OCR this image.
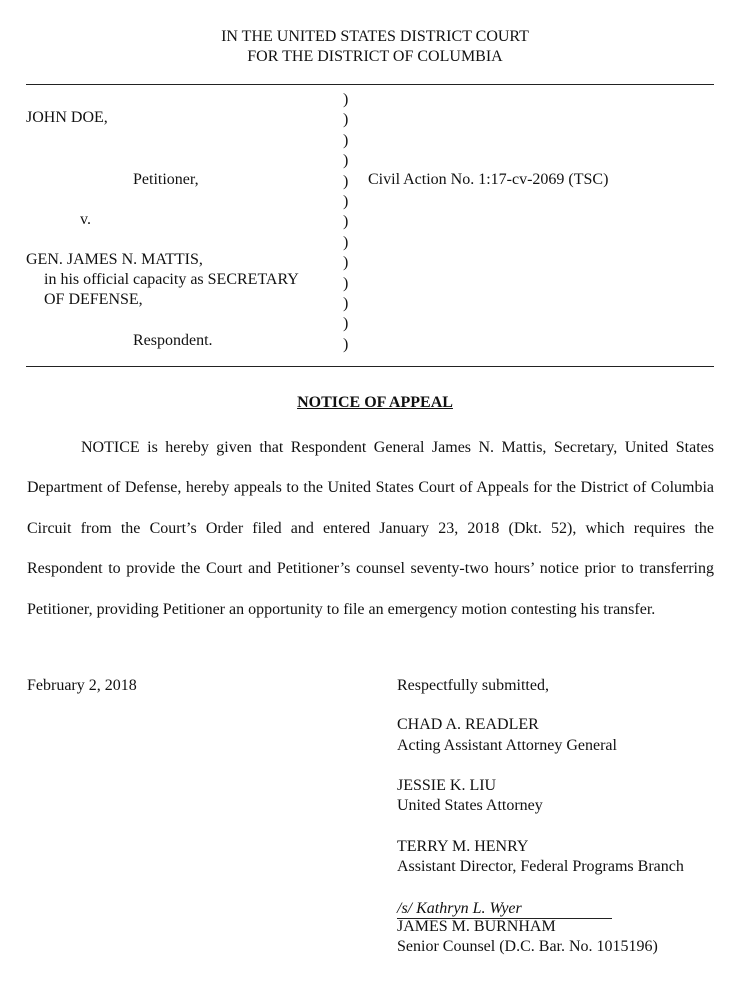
IN THE UNITED STATES DISTRICT COURT
FOR THE DISTRICT OF COLUMBIA
JOHN DOE,
Petitioner,
v.
GEN. JAMES N. MATTIS,
in his official capacity as SECRETARY
OF DEFENSE,
Respondent.
)
)
)
)
)
)
)
)
)
)
)
)
)
Civil Action No. 1:17-cv-2069 (TSC)
NOTICE OF APPEAL
NOTICE is hereby given that Respondent General James N. Mattis, Secretary, United States Department of Defense, hereby appeals to the United States Court of Appeals for the District of Columbia Circuit from the Court’s Order filed and entered January 23, 2018 (Dkt. 52), which requires the Respondent to provide the Court and Petitioner’s counsel seventy-two hours’ notice prior to transferring Petitioner, providing Petitioner an opportunity to file an emergency motion contesting his transfer.
February 2, 2018	Respectfully submitted,
CHAD A. READLER
Acting Assistant Attorney General
JESSIE K. LIU
United States Attorney
TERRY M. HENRY
Assistant Director, Federal Programs Branch
/s/ Kathryn L. Wyer
JAMES M. BURNHAM
Senior Counsel (D.C. Bar. No. 1015196)
